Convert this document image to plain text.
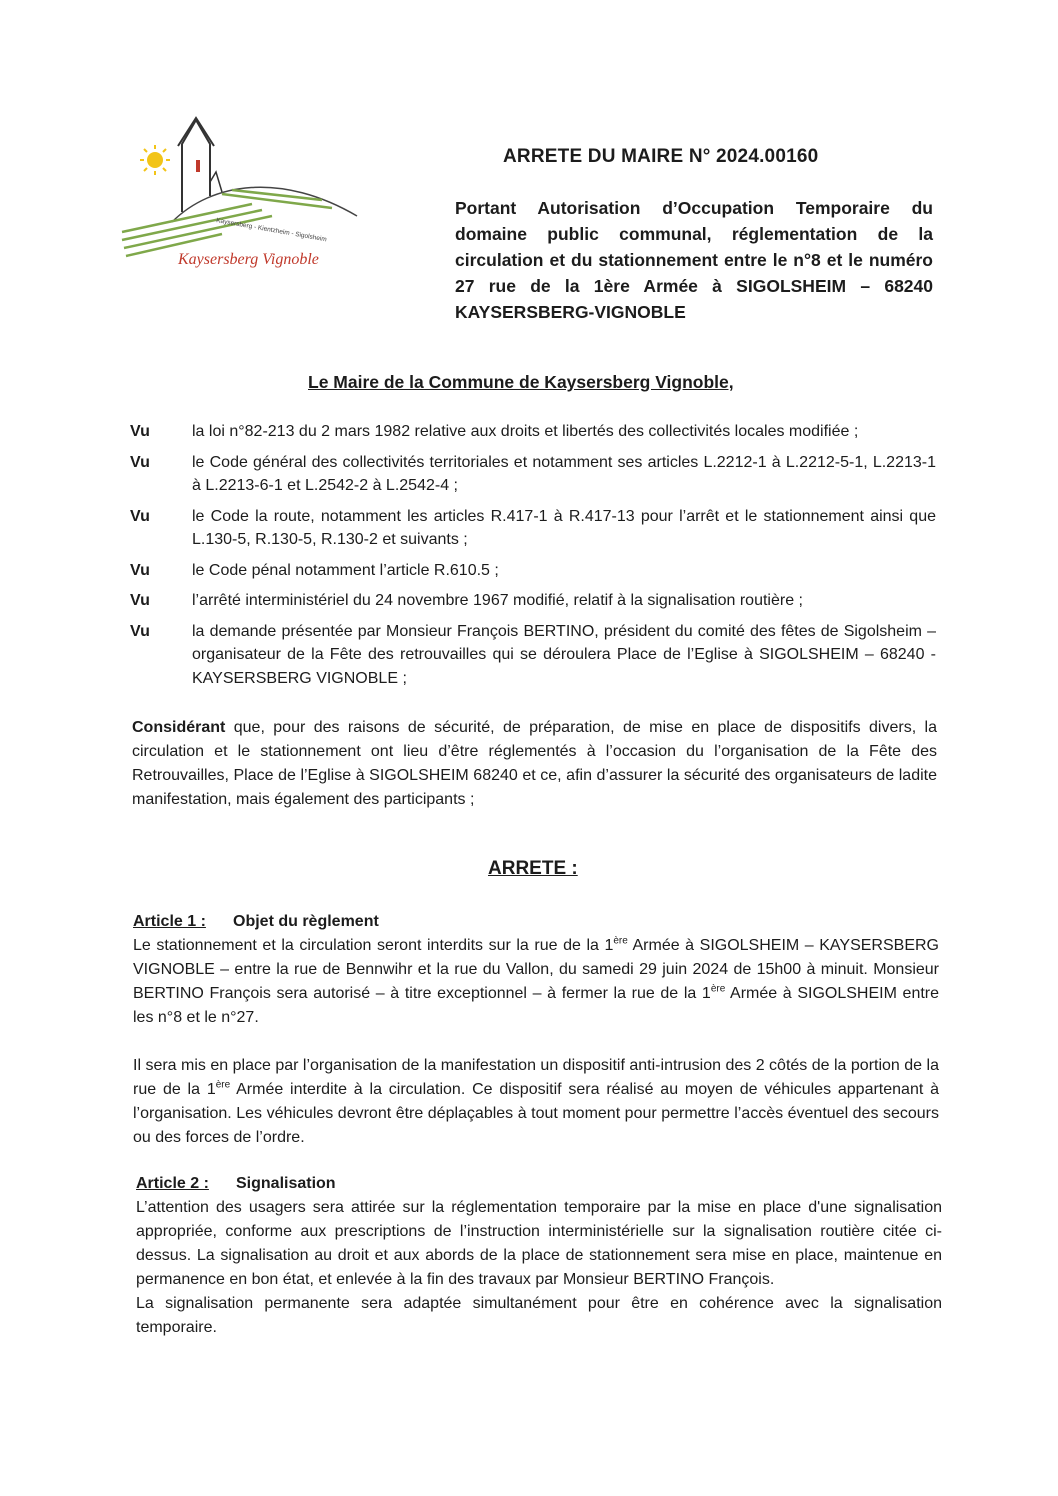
Kaysersberg - Kientzheim - Sigolsheim
Kaysersberg Vignoble
ARRETE DU MAIRE N° 2024.00160
Portant Autorisation d’Occupation Temporaire du domaine public communal, réglementation de la circulation et du stationnement entre le n°8 et le numéro 27 rue de la 1ère Armée à SIGOLSHEIM – 68240 KAYSERSBERG-VIGNOBLE
Le Maire de la Commune de Kaysersberg Vignoble,
Vu	la loi n°82-213 du 2 mars 1982 relative aux droits et libertés des collectivités locales modifiée ;
Vu	le Code général des collectivités territoriales et notamment ses articles L.2212-1 à L.2212-5-1, L.2213-1 à L.2213-6-1 et L.2542-2 à L.2542-4 ;
Vu	le Code la route, notamment les articles R.417-1 à R.417-13 pour l’arrêt et le stationnement ainsi que L.130-5, R.130-5, R.130-2 et suivants ;
Vu	le Code pénal notamment l’article R.610.5 ;
Vu	l’arrêté interministériel du 24 novembre 1967 modifié, relatif à la signalisation routière ;
Vu	la demande présentée par Monsieur François BERTINO, président du comité des fêtes de Sigolsheim – organisateur de la Fête des retrouvailles qui se déroulera Place de l’Eglise à SIGOLSHEIM – 68240 - KAYSERSBERG VIGNOBLE ;
Considérant que, pour des raisons de sécurité, de préparation, de mise en place de dispositifs divers, la circulation et le stationnement ont lieu d’être réglementés à l’occasion du l’organisation de la Fête des Retrouvailles, Place de l’Eglise à SIGOLSHEIM 68240 et ce, afin d’assurer la sécurité des organisateurs de ladite manifestation, mais également des participants ;
ARRETE :
Article 1 : Objet du règlement

Le stationnement et la circulation seront interdits sur la rue de la 1ère Armée à SIGOLSHEIM – KAYSERSBERG VIGNOBLE – entre la rue de Bennwihr et la rue du Vallon, du samedi 29 juin 2024 de 15h00 à minuit. Monsieur BERTINO François sera autorisé – à titre exceptionnel – à fermer la rue de la 1ère Armée à SIGOLSHEIM entre les n°8 et le n°27.

Il sera mis en place par l’organisation de la manifestation un dispositif anti-intrusion des 2 côtés de la portion de la rue de la 1ère Armée interdite à la circulation. Ce dispositif sera réalisé au moyen de véhicules appartenant à l’organisation. Les véhicules devront être déplaçables à tout moment pour permettre l’accès éventuel des secours ou des forces de l’ordre.

Article 2 : Signalisation

L’attention des usagers sera attirée sur la réglementation temporaire par la mise en place d'une signalisation appropriée, conforme aux prescriptions de l’instruction interministérielle sur la signalisation routière citée ci-dessus. La signalisation au droit et aux abords de la place de stationnement sera mise en place, maintenue en permanence en bon état, et enlevée à la fin des travaux par Monsieur BERTINO François.

La signalisation permanente sera adaptée simultanément pour être en cohérence avec la signalisation temporaire.
